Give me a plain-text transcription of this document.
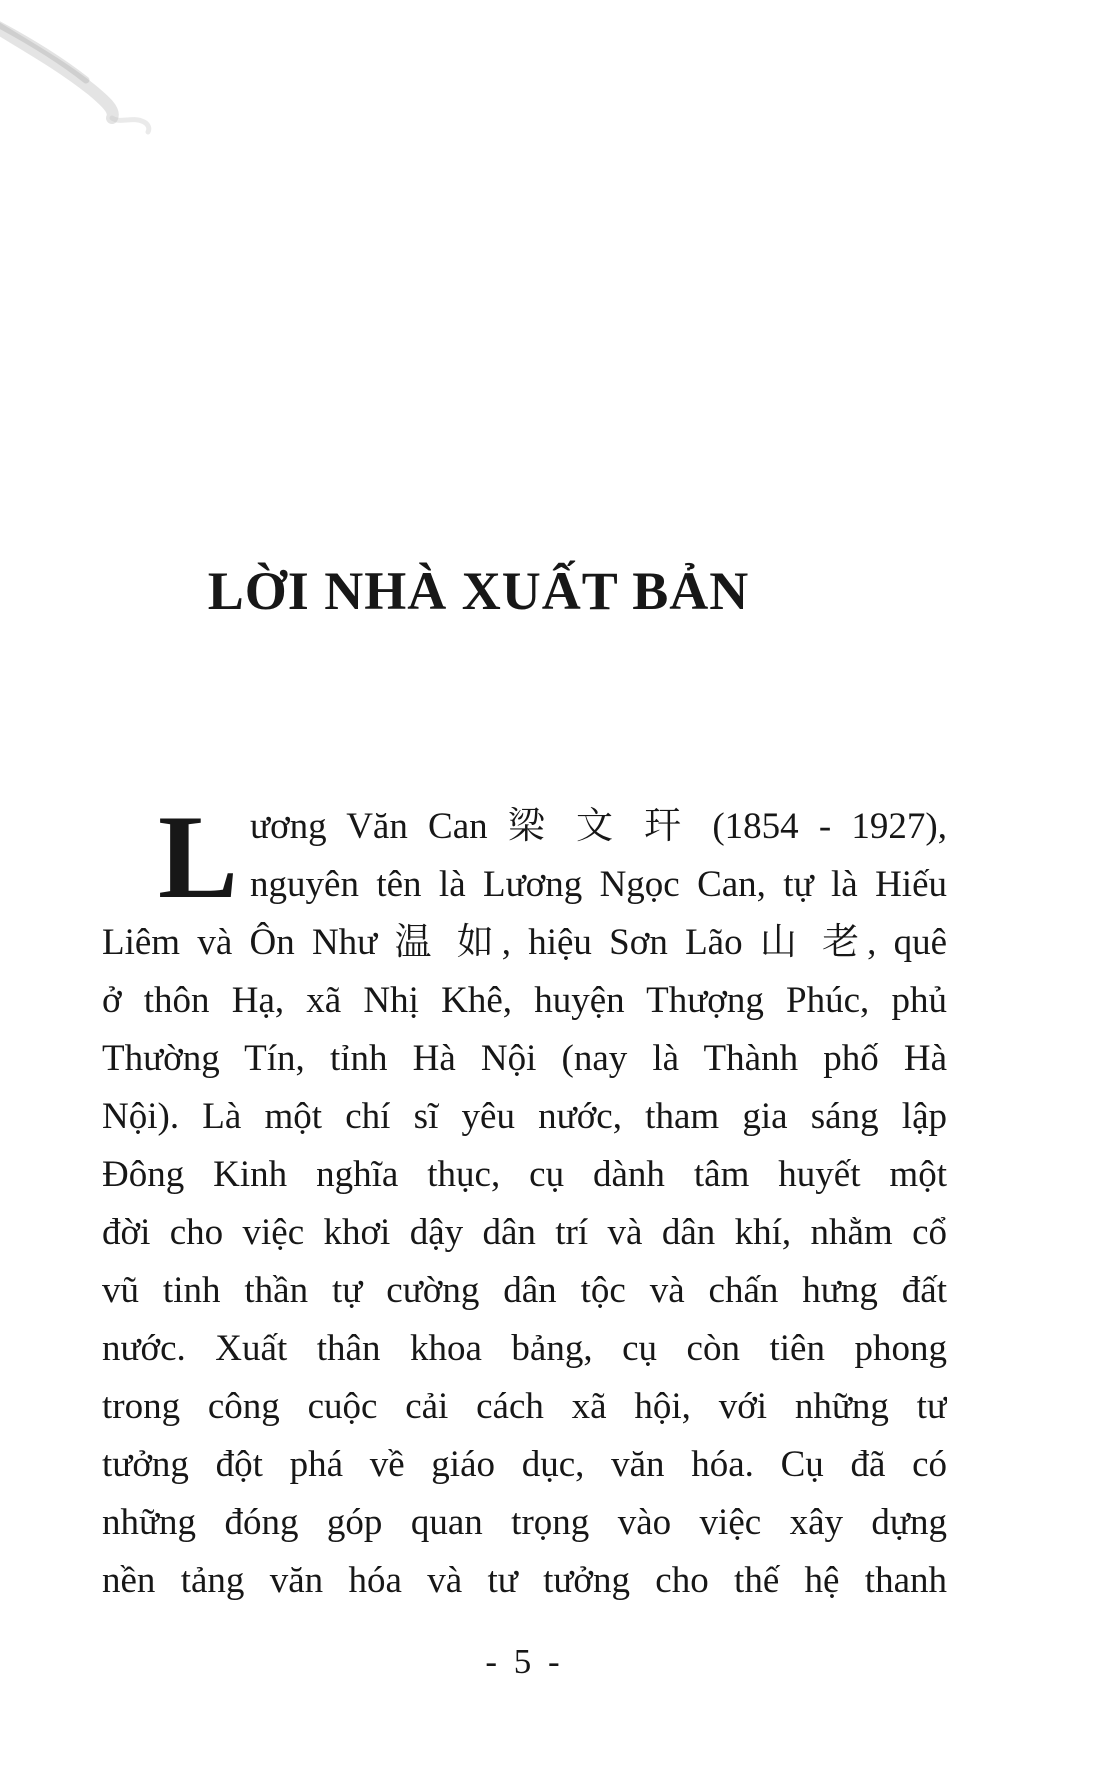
LỜI NHÀ XUẤT BẢN
L ương Văn Can 梁 文 玕 (1854 - 1927),
nguyên tên là Lương Ngọc Can, tự là Hiếu
Liêm và Ôn Như 温 如, hiệu Sơn Lão 山 老, quê
ở thôn Hạ, xã Nhị Khê, huyện Thượng Phúc, phủ
Thường Tín, tỉnh Hà Nội (nay là Thành phố Hà
Nội). Là một chí sĩ yêu nước, tham gia sáng lập
Đông Kinh nghĩa thục, cụ dành tâm huyết một
đời cho việc khơi dậy dân trí và dân khí, nhằm cổ
vũ tinh thần tự cường dân tộc và chấn hưng đất
nước. Xuất thân khoa bảng, cụ còn tiên phong
trong công cuộc cải cách xã hội, với những tư
tưởng đột phá về giáo dục, văn hóa. Cụ đã có
những đóng góp quan trọng vào việc xây dựng
nền tảng văn hóa và tư tưởng cho thế hệ thanh
- 5 -
